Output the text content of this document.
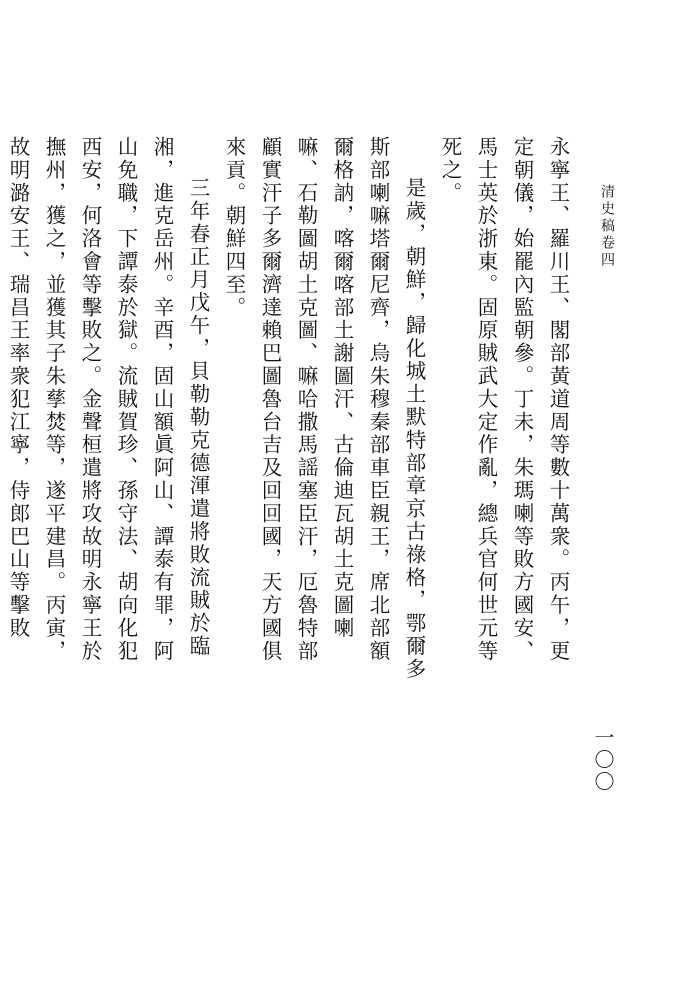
清史稿卷四
一〇〇

永寧王、羅川王、閣部黃道周等數十萬衆。丙午，更定朝儀，始罷內監朝參。丁未，朱瑪喇等敗方國安、馬士英於浙東。固原賊武大定作亂，總兵官何世元等死之。

是歲，朝鮮，歸化城土默特部章京古祿格，鄂爾多斯部喇嘛塔爾尼齊，烏朱穆秦部車臣親王，席北部額爾格訥，喀爾喀部土謝圖汗、古倫迪瓦胡土克圖喇嘛、石勒圖胡土克圖、嘛哈撒馬謡塞臣汗，厄魯特部顧實汗子多爾濟達賴巴圖魯台吉及回回國，天方國俱來貢。朝鮮四至。

三年春正月戊午，貝勒勒克德渾遣將敗流賊於臨湘，進克岳州。辛酉，固山額眞阿山、譚泰有罪，阿山免職，下譚泰於獄。流賊賀珍、孫守法、胡向化犯西安，何洛會等擊敗之。金聲桓遣將攻故明永寧王於撫州，獲之，並獲其子朱孳焚等，遂平建昌。丙寅，故明潞安王、瑞昌王率衆犯江寧，侍郎巴山等擊敗
